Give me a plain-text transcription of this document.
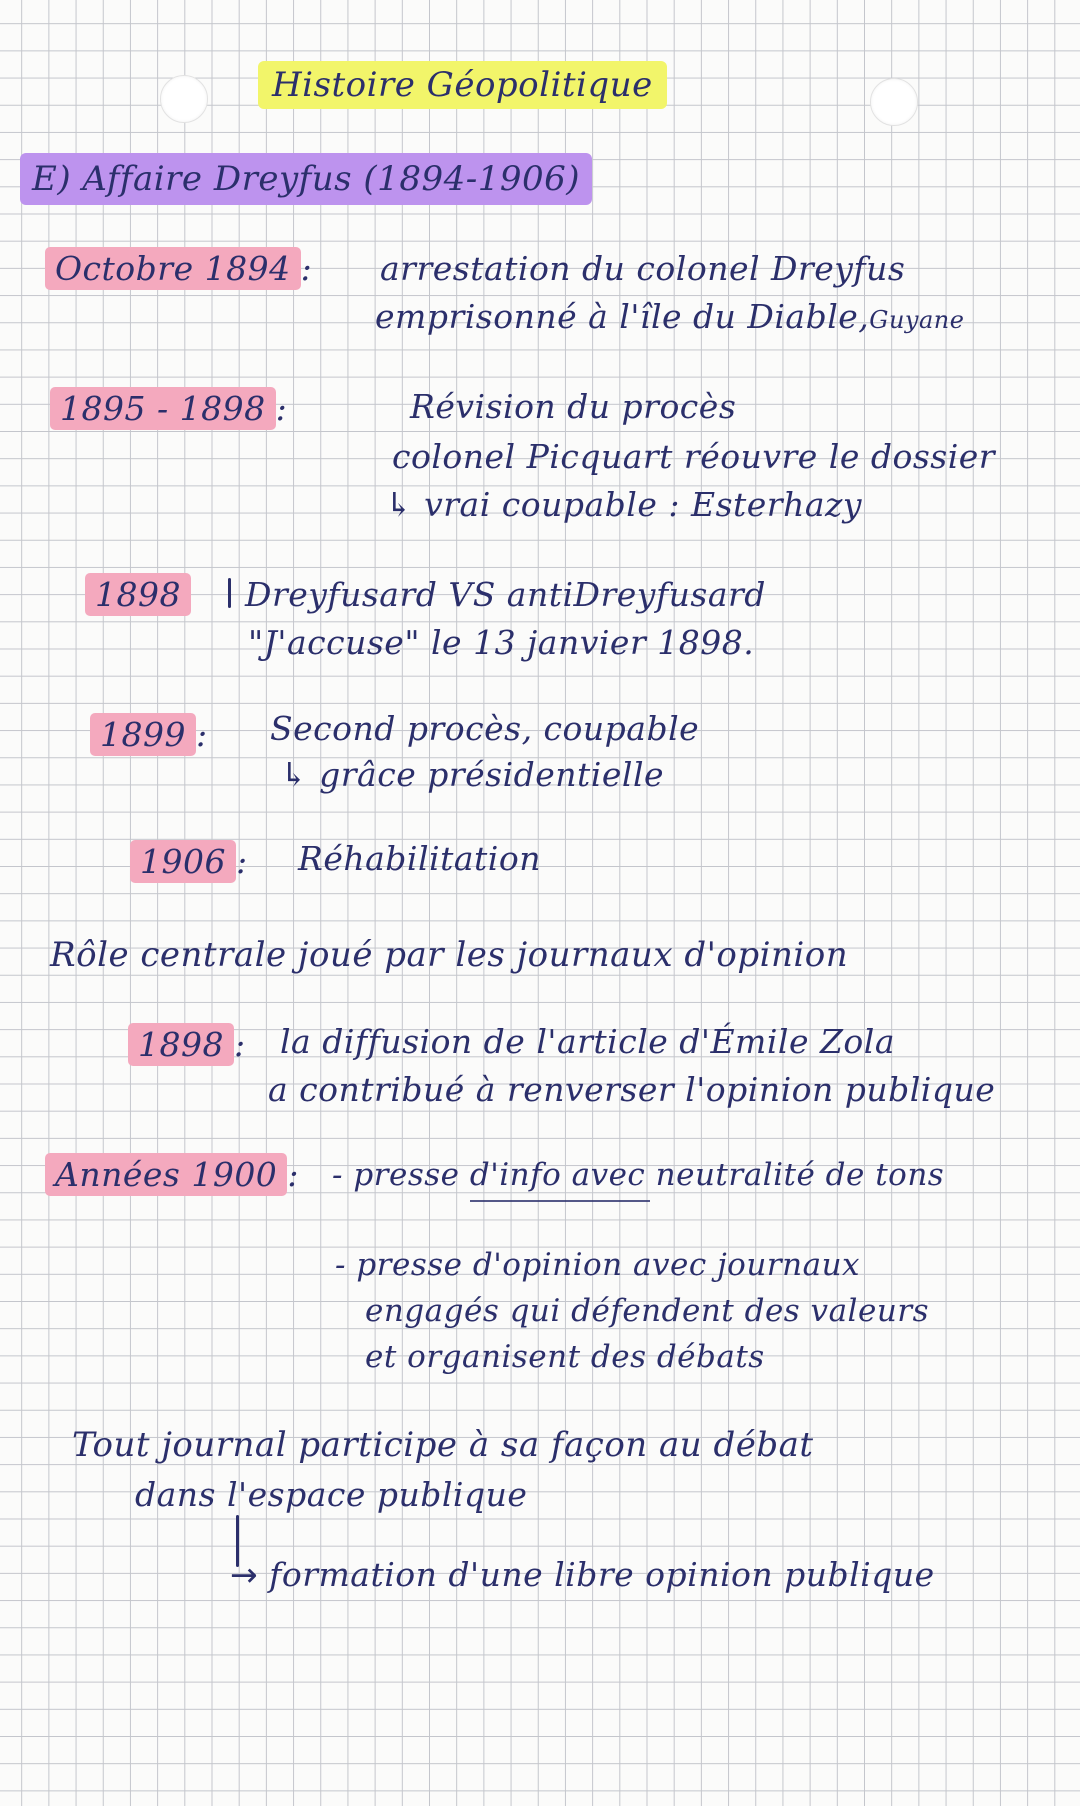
Histoire Géopolitique
E) Affaire Dreyfus (1894-1906)
Octobre 1894 : arrestation du colonel Dreyfus
emprisonné à l'île du Diable,Guyane
1895 - 1898 :	Révision du procès
colonel Picquart réouvre le dossier
↳ vrai coupable : Esterhazy
1898	Dreyfusard VS antiDreyfusard
"J'accuse" le 13 janvier 1898.
1899 : Second procès, coupable
↳ grâce présidentielle
1906 : Réhabilitation
Rôle centrale joué par les journaux d'opinion
1898 : la diffusion de l'article d'Émile Zola
a contribué à renverser l'opinion publique
Années 1900 : - presse d'info avec neutralité de tons
- presse d'opinion avec journaux
engagés qui défendent des valeurs
et organisent des débats
Tout journal participe à sa façon au débat
dans l'espace publique
→ formation d'une libre opinion publique
